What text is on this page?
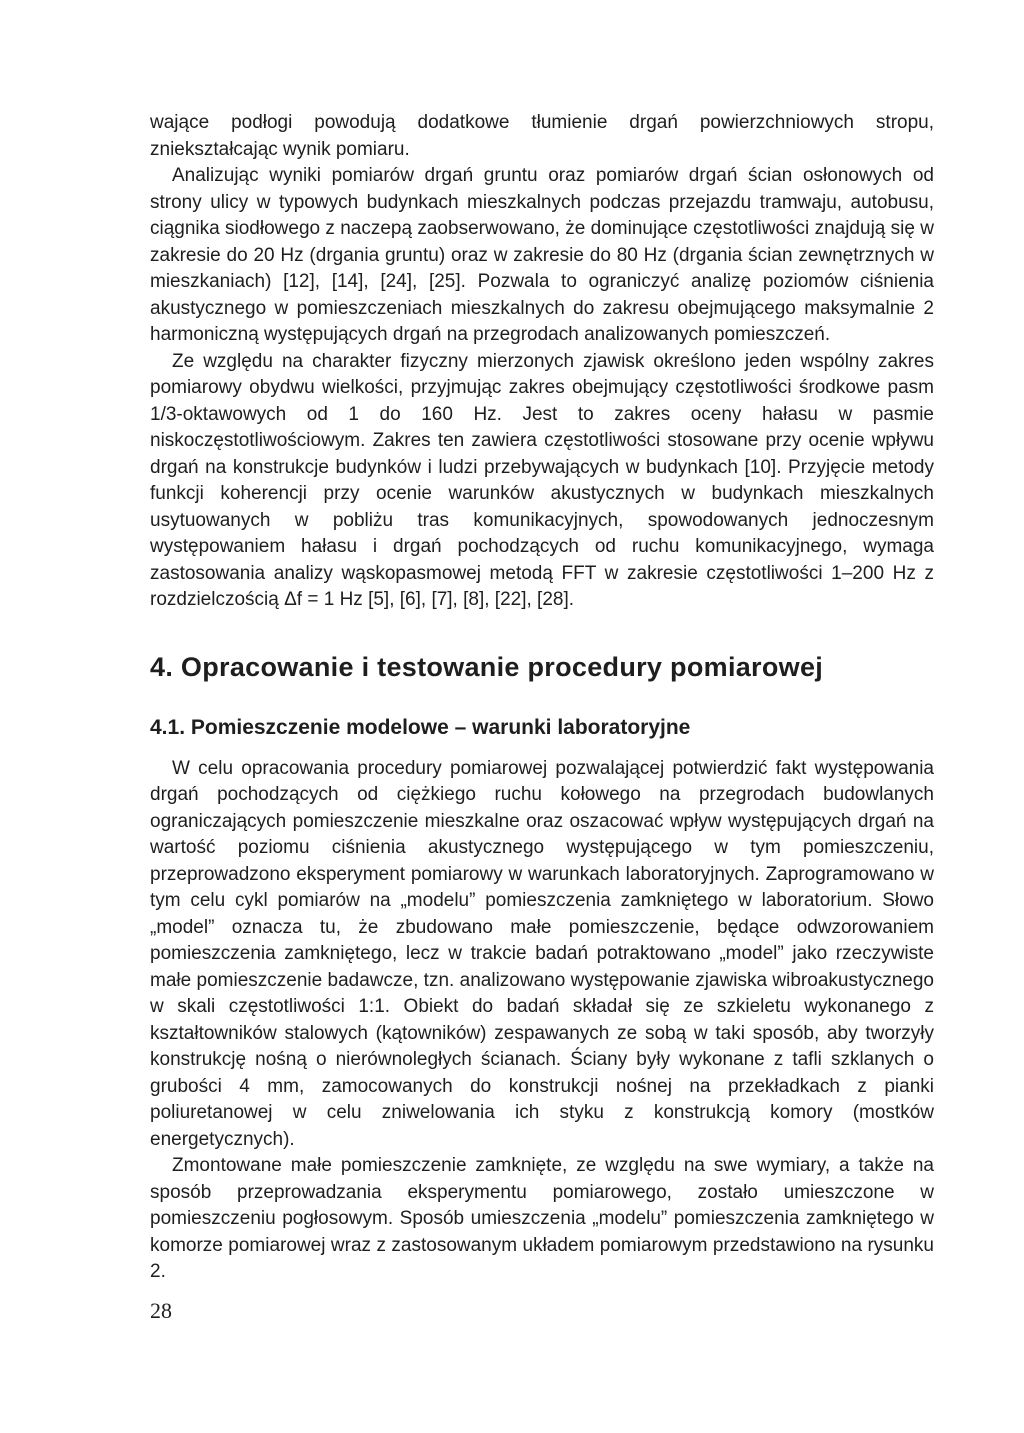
wające podłogi powodują dodatkowe tłumienie drgań powierzchniowych stropu, zniekształcając wynik pomiaru.

Analizując wyniki pomiarów drgań gruntu oraz pomiarów drgań ścian osłonowych od strony ulicy w typowych budynkach mieszkalnych podczas przejazdu tramwaju, autobusu, ciągnika siodłowego z naczepą zaobserwowano, że dominujące częstotliwości znajdują się w zakresie do 20 Hz (drgania gruntu) oraz w zakresie do 80 Hz (drgania ścian zewnętrznych w mieszkaniach) [12], [14], [24], [25]. Pozwala to ograniczyć analizę poziomów ciśnienia akustycznego w pomieszczeniach mieszkalnych do zakresu obejmującego maksymalnie 2 harmoniczną występujących drgań na przegrodach analizowanych pomieszczeń.

Ze względu na charakter fizyczny mierzonych zjawisk określono jeden wspólny zakres pomiarowy obydwu wielkości, przyjmując zakres obejmujący częstotliwości środkowe pasm 1/3-oktawowych od 1 do 160 Hz. Jest to zakres oceny hałasu w pasmie niskoczęstotliwościowym. Zakres ten zawiera częstotliwości stosowane przy ocenie wpływu drgań na konstrukcje budynków i ludzi przebywających w budynkach [10]. Przyjęcie metody funkcji koherencji przy ocenie warunków akustycznych w budynkach mieszkalnych usytuowanych w pobliżu tras komunikacyjnych, spowodowanych jednoczesnym występowaniem hałasu i drgań pochodzących od ruchu komunikacyjnego, wymaga zastosowania analizy wąskopasmowej metodą FFT w zakresie częstotliwości 1–200 Hz z rozdzielczością Δf = 1 Hz [5], [6], [7], [8], [22], [28].

4. Opracowanie i testowanie procedury pomiarowej
4.1. Pomieszczenie modelowe – warunki laboratoryjne

W celu opracowania procedury pomiarowej pozwalającej potwierdzić fakt występowania drgań pochodzących od ciężkiego ruchu kołowego na przegrodach budowlanych ograniczających pomieszczenie mieszkalne oraz oszacować wpływ występujących drgań na wartość poziomu ciśnienia akustycznego występującego w tym pomieszczeniu, przeprowadzono eksperyment pomiarowy w warunkach laboratoryjnych. Zaprogramowano w tym celu cykl pomiarów na „modelu” pomieszczenia zamkniętego w laboratorium. Słowo „model” oznacza tu, że zbudowano małe pomieszczenie, będące odwzorowaniem pomieszczenia zamkniętego, lecz w trakcie badań potraktowano „model” jako rzeczywiste małe pomieszczenie badawcze, tzn. analizowano występowanie zjawiska wibroakustycznego w skali częstotliwości 1:1. Obiekt do badań składał się ze szkieletu wykonanego z kształtowników stalowych (kątowników) zespawanych ze sobą w taki sposób, aby tworzyły konstrukcję nośną o nierównoległych ścianach. Ściany były wykonane z tafli szklanych o grubości 4 mm, zamocowanych do konstrukcji nośnej na przekładkach z pianki poliuretanowej w celu zniwelowania ich styku z konstrukcją komory (mostków energetycznych).

Zmontowane małe pomieszczenie zamknięte, ze względu na swe wymiary, a także na sposób przeprowadzania eksperymentu pomiarowego, zostało umieszczone w pomieszczeniu pogłosowym. Sposób umieszczenia „modelu” pomieszczenia zamkniętego w komorze pomiarowej wraz z zastosowanym układem pomiarowym przedstawiono na rysunku 2.

28
